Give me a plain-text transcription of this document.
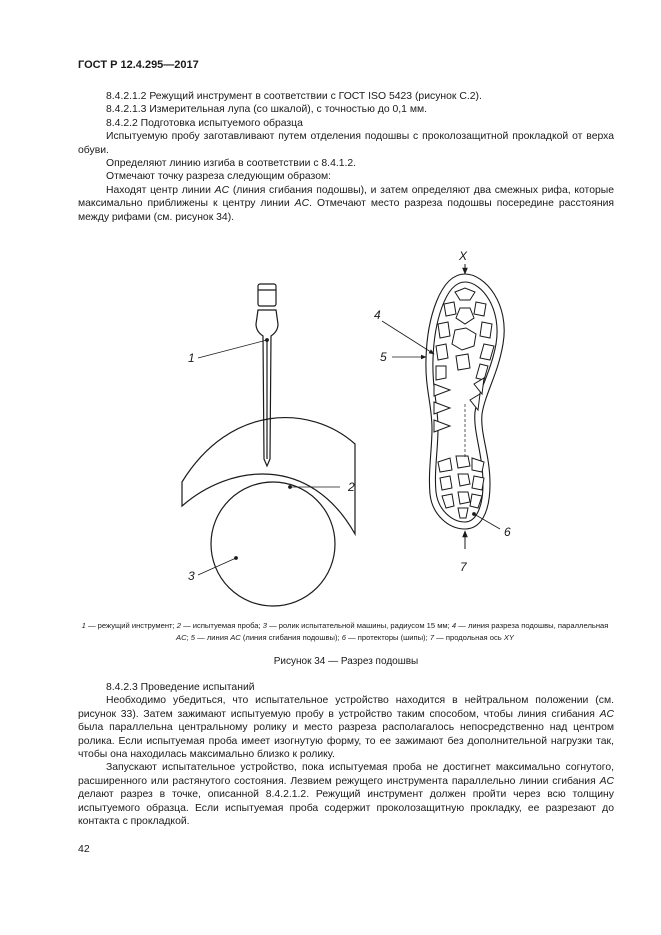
ГОСТ Р 12.4.295—2017

8.4.2.1.2 Режущий инструмент в соответствии с ГОСТ ISO 5423 (рисунок С.2).

8.4.2.1.3 Измерительная лупа (со шкалой), с точностью до 0,1 мм.

8.4.2.2 Подготовка испытуемого образца

Испытуемую пробу заготавливают путем отделения подошвы с проколозащитной прокладкой от верха обуви.

Определяют линию изгиба в соответствии с 8.4.1.2.

Отмечают точку разреза следующим образом:

Находят центр линии AC (линия сгибания подошвы), и затем определяют два смежных рифа, которые максимально приближены к центру линии AC. Отмечают место разреза подошвы посередине расстояния между рифами (см. рисунок 34).

1
2
3
4
5
6
7
X
1 — режущий инструмент; 2 — испытуемая проба; 3 — ролик испытательной машины, радиусом 15 мм; 4 — линия разреза подошвы, параллельная AC; 5 — линия AC (линия сгибания подошвы); 6 — протекторы (шипы); 7 — продольная ось XY
Рисунок 34 — Разрез подошвы

8.4.2.3 Проведение испытаний

Необходимо убедиться, что испытательное устройство находится в нейтральном положении (см. рисунок 33). Затем зажимают испытуемую пробу в устройство таким способом, чтобы линия сгибания AC была параллельна центральному ролику и место разреза располагалось непосредственно над центром ролика. Если испытуемая проба имеет изогнутую форму, то ее зажимают без дополнительной нагрузки так, чтобы она находилась максимально близко к ролику.

Запускают испытательное устройство, пока испытуемая проба не достигнет максимально согнутого, расширенного или растянутого состояния. Лезвием режущего инструмента параллельно линии сгибания AC делают разрез в точке, описанной 8.4.2.1.2. Режущий инструмент должен пройти через всю толщину испытуемого образца. Если испытуемая проба содержит проколозащитную прокладку, ее разрезают до контакта с прокладкой.

42
